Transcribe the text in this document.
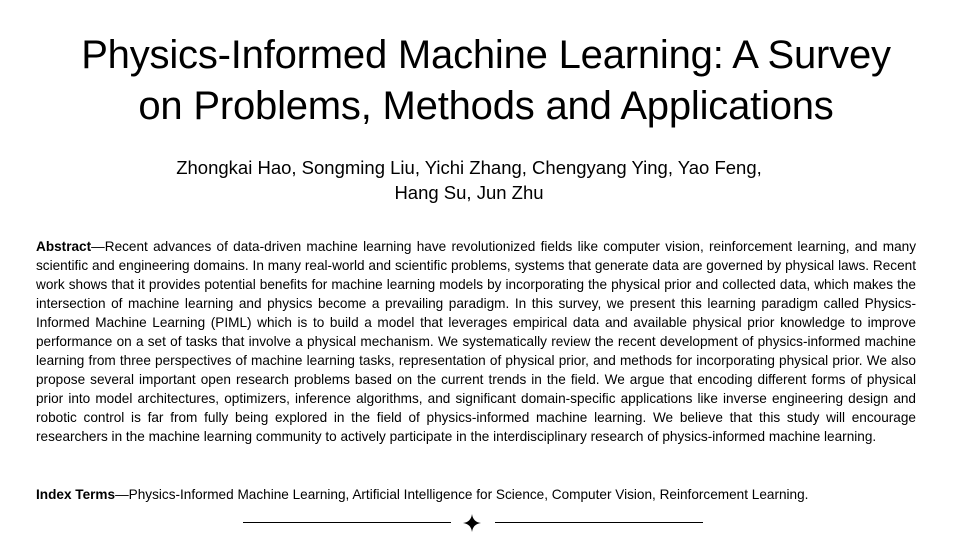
Physics-Informed Machine Learning: A Survey
on Problems, Methods and Applications

Zhongkai Hao, Songming Liu, Yichi Zhang, Chengyang Ying, Yao Feng,
Hang Su, Jun Zhu

Abstract—Recent advances of data-driven machine learning have revolutionized fields like computer vision, reinforcement learning, and many scientific and engineering domains. In many real-world and scientific problems, systems that generate data are governed by physical laws. Recent work shows that it provides potential benefits for machine learning models by incorporating the physical prior and collected data, which makes the intersection of machine learning and physics become a prevailing paradigm. In this survey, we present this learning paradigm called Physics-Informed Machine Learning (PIML) which is to build a model that leverages empirical data and available physical prior knowledge to improve performance on a set of tasks that involve a physical mechanism. We systematically review the recent development of physics-informed machine learning from three perspectives of machine learning tasks, representation of physical prior, and methods for incorporating physical prior. We also propose several important open research problems based on the current trends in the field. We argue that encoding different forms of physical prior into model architectures, optimizers, inference algorithms, and significant domain-specific applications like inverse engineering design and robotic control is far from fully being explored in the field of physics-informed machine learning. We believe that this study will encourage researchers in the machine learning community to actively participate in the interdisciplinary research of physics-informed machine learning.

Index Terms—Physics-Informed Machine Learning, Artificial Intelligence for Science, Computer Vision, Reinforcement Learning.
